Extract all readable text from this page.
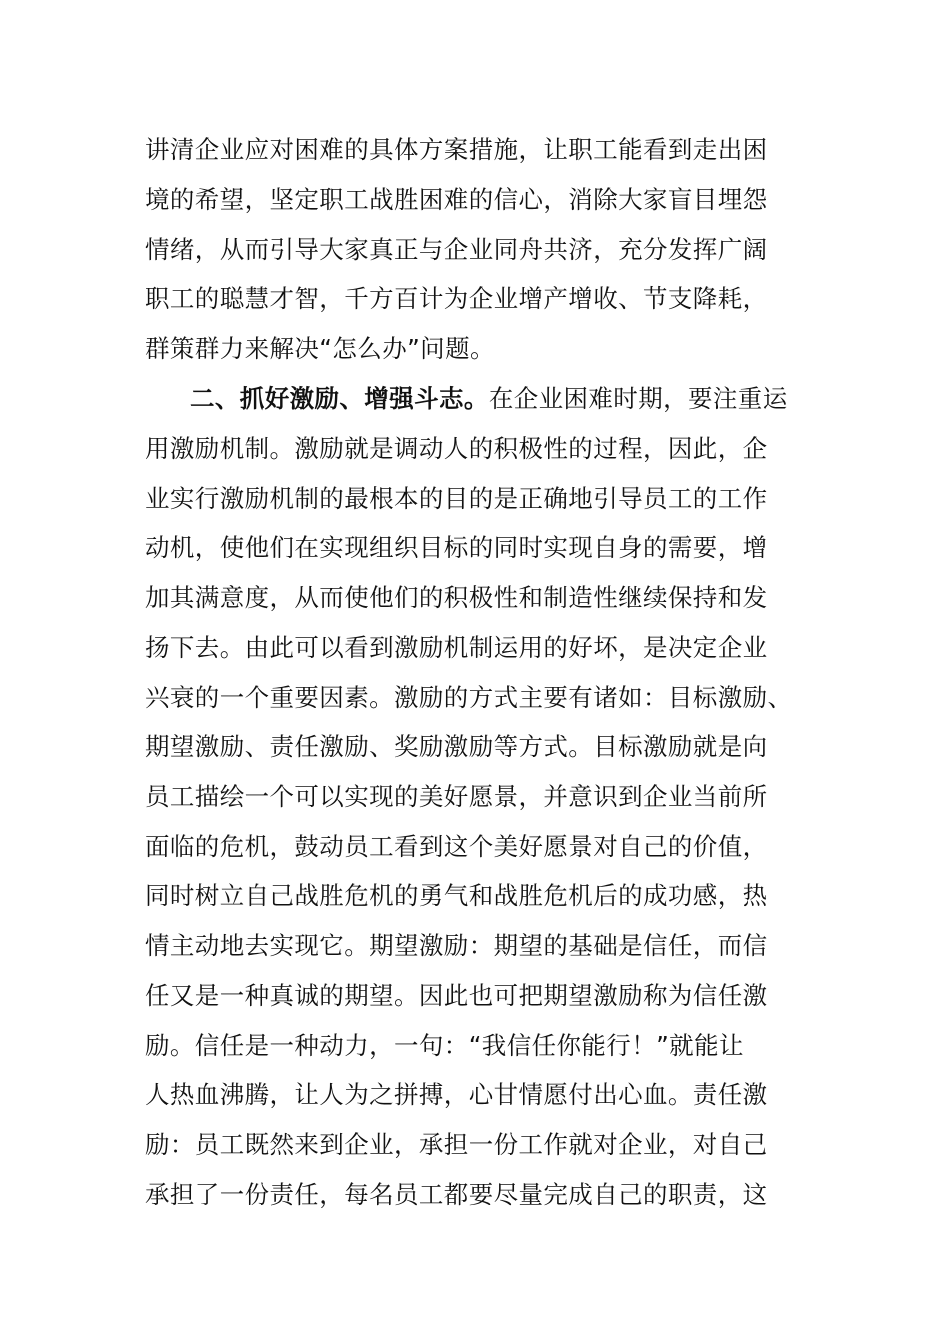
讲清企业应对困难的具体方案措施，让职工能看到走出困
境的希望，坚定职工战胜困难的信心，消除大家盲目埋怨
情绪，从而引导大家真正与企业同舟共济，充分发挥广阔
职工的聪慧才智，千方百计为企业增产增收、节支降耗，
群策群力来解决“怎么办”问题。
二、抓好激励、增强斗志。在企业困难时期，要注重运
用激励机制。激励就是调动人的积极性的过程，因此，企
业实行激励机制的最根本的目的是正确地引导员工的工作
动机，使他们在实现组织目标的同时实现自身的需要，增
加其满意度，从而使他们的积极性和制造性继续保持和发
扬下去。由此可以看到激励机制运用的好坏，是决定企业
兴衰的一个重要因素。激励的方式主要有诸如：目标激励、
期望激励、责任激励、奖励激励等方式。目标激励就是向
员工描绘一个可以实现的美好愿景，并意识到企业当前所
面临的危机，鼓动员工看到这个美好愿景对自己的价值，
同时树立自己战胜危机的勇气和战胜危机后的成功感，热
情主动地去实现它。期望激励：期望的基础是信任，而信
任又是一种真诚的期望。因此也可把期望激励称为信任激
励。信任是一种动力，一句：“我信任你能行！”就能让
人热血沸腾，让人为之拼搏，心甘情愿付出心血。责任激
励：员工既然来到企业，承担一份工作就对企业，对自己
承担了一份责任，每名员工都要尽量完成自己的职责，这
